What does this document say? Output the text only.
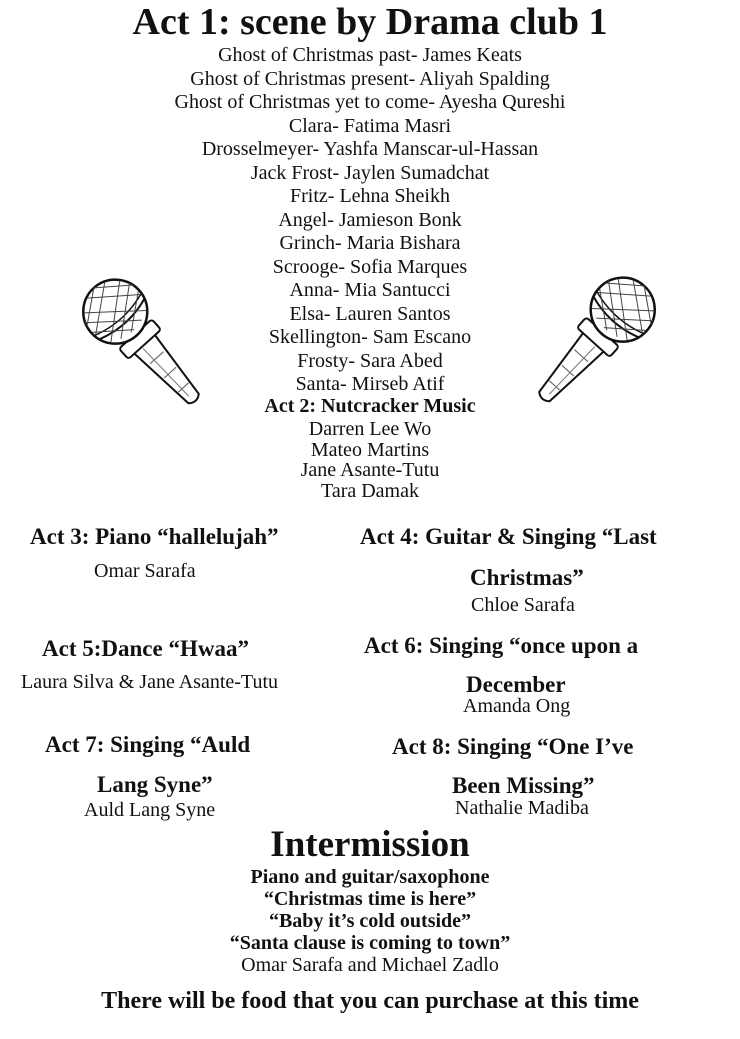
Act 1: scene by Drama club 1
Ghost of Christmas past- James Keats
Ghost of Christmas present- Aliyah Spalding
Ghost of Christmas yet to come- Ayesha Qureshi
Clara- Fatima Masri
Drosselmeyer- Yashfa Manscar-ul-Hassan
Jack Frost- Jaylen Sumadchat
Fritz- Lehna Sheikh
Angel- Jamieson Bonk
Grinch- Maria Bishara
Scrooge- Sofia Marques
Anna- Mia Santucci
Elsa- Lauren Santos
Skellington- Sam Escano
Frosty- Sara Abed
Santa- Mirseb Atif
Act 2: Nutcracker Music
Darren Lee Wo
Mateo Martins
Jane Asante-Tutu
Tara Damak
Act 3: Piano “hallelujah”
Omar Sarafa
Act 4: Guitar & Singing “Last
Christmas”
Chloe Sarafa
Act 5:Dance “Hwaa”
Laura Silva & Jane Asante-Tutu
Act 6: Singing “once upon a
December
Amanda Ong
Act 7: Singing “Auld
Lang Syne”
Auld Lang Syne
Act 8: Singing “One I’ve
Been Missing”
Nathalie Madiba
Intermission
Piano and guitar/saxophone
“Christmas time is here”
“Baby it’s cold outside”
“Santa clause is coming to town”
Omar Sarafa and Michael Zadlo
There will be food that you can purchase at this time
